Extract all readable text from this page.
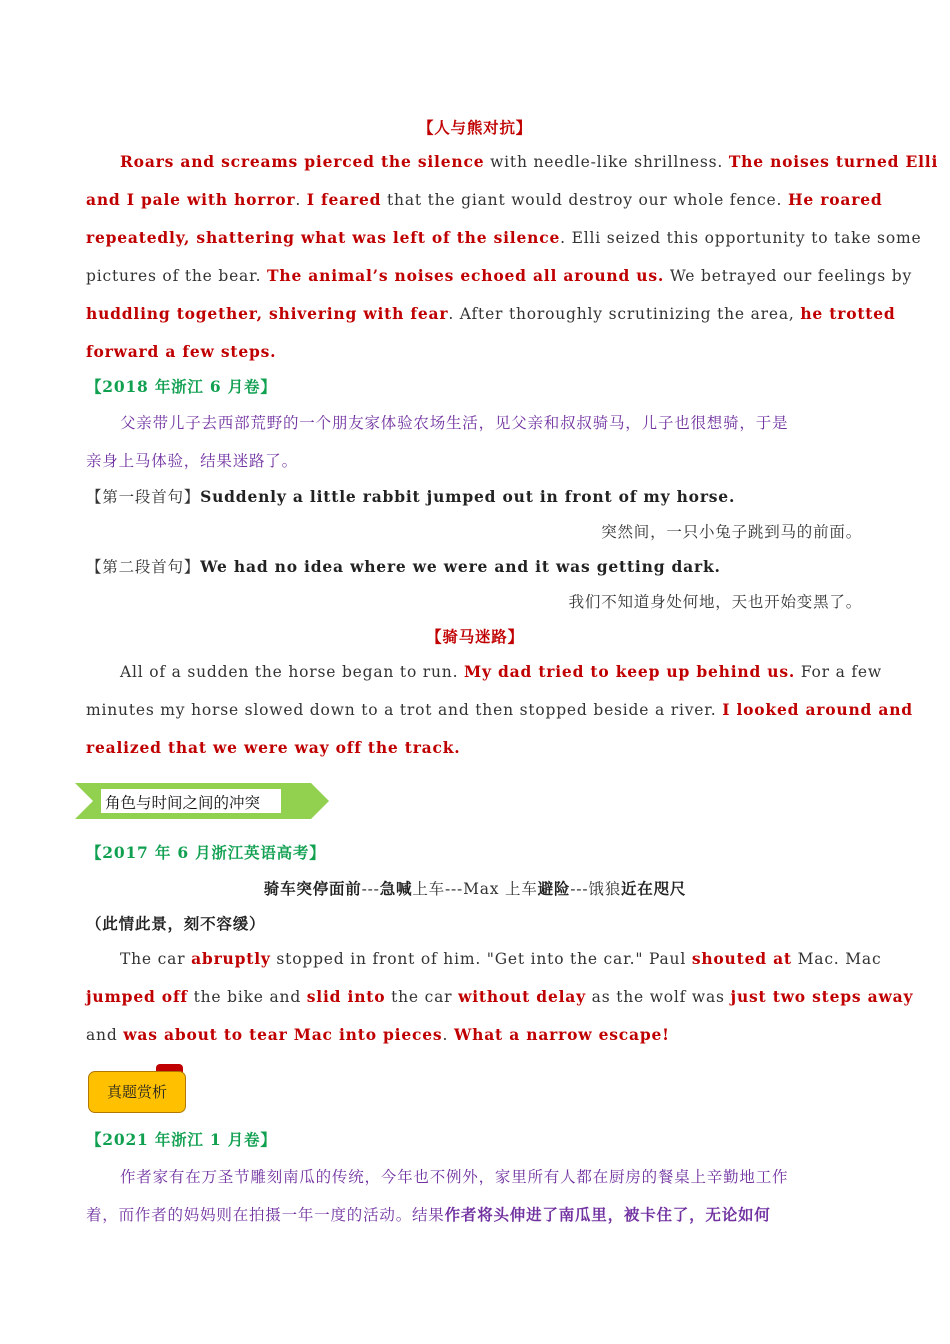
【人与熊对抗】
Roars and screams pierced the silence with needle-like shrillness. The noises turned Elli
and I pale with horror. I feared that the giant would destroy our whole fence. He roared
repeatedly, shattering what was left of the silence. Elli seized this opportunity to take some
pictures of the bear. The animal’s noises echoed all around us. We betrayed our feelings by
huddling together, shivering with fear. After thoroughly scrutinizing the area, he trotted
forward a few steps.
【2018 年浙江 6 月卷】
父亲带儿子去西部荒野的一个朋友家体验农场生活，见父亲和叔叔骑马，儿子也很想骑，于是
亲身上马体验，结果迷路了。
【第一段首句】Suddenly a little rabbit jumped out in front of my horse.
突然间，一只小兔子跳到马的前面。
【第二段首句】We had no idea where we were and it was getting dark.
我们不知道身处何地，天也开始变黑了。
【骑马迷路】
All of a sudden the horse began to run. My dad tried to keep up behind us. For a few
minutes my horse slowed down to a trot and then stopped beside a river. I looked around and
realized that we were way off the track.
角色与时间之间的冲突
【2017 年 6 月浙江英语高考】
骑车突停面前---急喊上车---Max 上车避险---饿狼近在咫尺
（此情此景，刻不容缓）
The car abruptly stopped in front of him. "Get into the car." Paul shouted at Mac. Mac
jumped off the bike and slid into the car without delay as the wolf was just two steps away
and was about to tear Mac into pieces. What a narrow escape!
真题赏析
【2021 年浙江 1 月卷】
作者家有在万圣节雕刻南瓜的传统，今年也不例外，家里所有人都在厨房的餐桌上辛勤地工作
着，而作者的妈妈则在拍摄一年一度的活动。结果作者将头伸进了南瓜里，被卡住了，无论如何
